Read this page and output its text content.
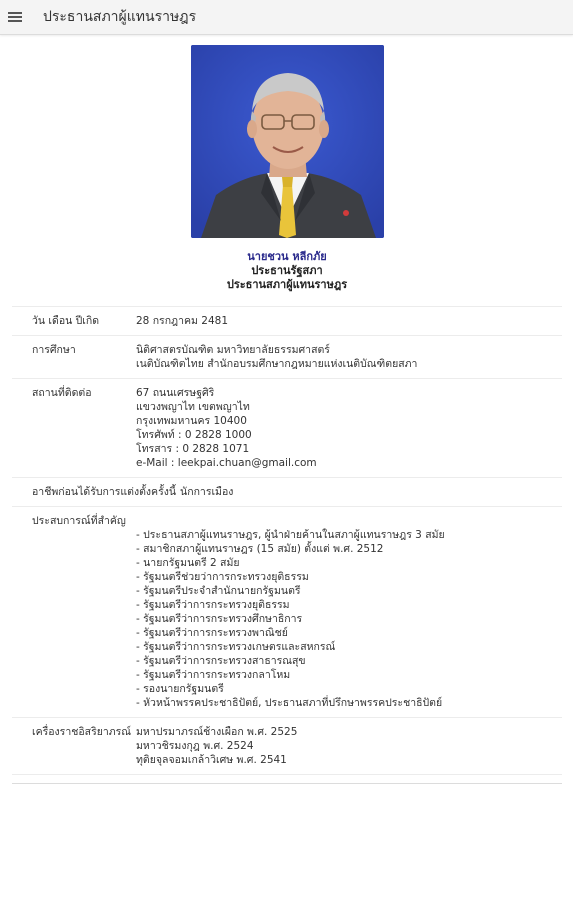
ประธานสภาผู้แทนราษฎร
นายชวน หลีกภัย
ประธานรัฐสภา
ประธานสภาผู้แทนราษฎร
วัน เดือน ปีเกิด	28 กรกฎาคม 2481
การศึกษา	นิติศาสตรบัณฑิต มหาวิทยาลัยธรรมศาสตร์
เนติบัณฑิตไทย สำนักอบรมศึกษากฎหมายแห่งเนติบัณฑิตยสภา
สถานที่ติดต่อ	67 ถนนเศรษฐศิริ
แขวงพญาไท เขตพญาไท
กรุงเทพมหานคร 10400
โทรศัพท์ : 0 2828 1000
โทรสาร : 0 2828 1071
e-Mail : leekpai.chuan@gmail.com
อาชีพก่อนได้รับการแต่งตั้งครั้งนี้ นักการเมือง
ประสบการณ์ที่สำคัญ
- ประธานสภาผู้แทนราษฎร, ผู้นำฝ่ายค้านในสภาผู้แทนราษฎร 3 สมัย
- สมาชิกสภาผู้แทนราษฎร (15 สมัย) ตั้งแต่ พ.ศ. 2512
- นายกรัฐมนตรี 2 สมัย
- รัฐมนตรีช่วยว่าการกระทรวงยุติธรรม
- รัฐมนตรีประจำสำนักนายกรัฐมนตรี
- รัฐมนตรีว่าการกระทรวงยุติธรรม
- รัฐมนตรีว่าการกระทรวงศึกษาธิการ
- รัฐมนตรีว่าการกระทรวงพาณิชย์
- รัฐมนตรีว่าการกระทรวงเกษตรและสหกรณ์
- รัฐมนตรีว่าการกระทรวงสาธารณสุข
- รัฐมนตรีว่าการกระทรวงกลาโหม
- รองนายกรัฐมนตรี
- หัวหน้าพรรคประชาธิปัตย์, ประธานสภาที่ปรึกษาพรรคประชาธิปัตย์
เครื่องราชอิสริยาภรณ์ มหาปรมาภรณ์ช้างเผือก พ.ศ. 2525
มหาวชิรมงกุฎ พ.ศ. 2524
ทุติยจุลจอมเกล้าวิเศษ พ.ศ. 2541
